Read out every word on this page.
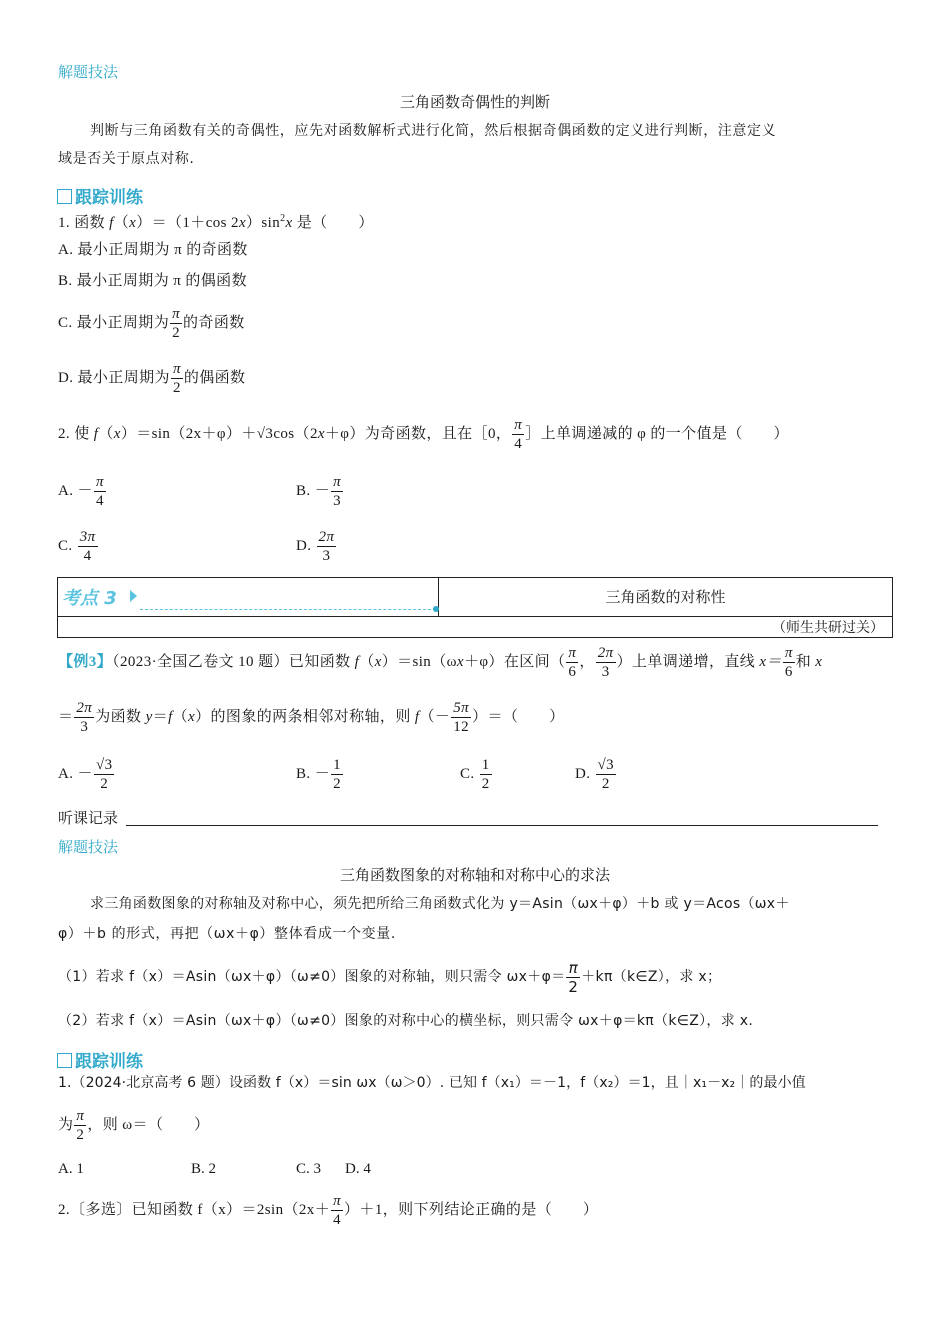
解题技法
三角函数奇偶性的判断
判断与三角函数有关的奇偶性，应先对函数解析式进行化简，然后根据奇偶函数的定义进行判断，注意定义
域是否关于原点对称.
跟踪训练
1. 函数 f（x）＝（1＋cos $2x)\sin^2x$ 是（　　）
A. 最小正周期为 π 的奇函数
B. 最小正周期为 π 的偶函数
C. 最小正周期为 $\frac{\pi}{2}$ 的奇函数
D. 最小正周期为 $\frac{\pi}{2}$ 的偶函数
2. 使 f（x）＝sin（2x＋φ）＋√3cos（2x＋φ）为奇函数，且在［0， $\frac{\pi}{4}$ ］上单调递减的 φ 的一个值是（　　）
A. － $\frac{\pi}{4}$	B. － $\frac{\pi}{3}$
C. $\frac{3\pi}{4}$	D. $\frac{2\pi}{3}$
考点 3	三角函数的对称性
（师生共研过关）
【例3】（2023·全国乙卷文 10 题）已知函数 f（x）＝sin（ωx＋φ）在区间（ $\frac{\pi}{6}$ ， $\frac{2\pi}{3}$ ）上单调递增，直线 $x= \frac{\pi}{6}$ 和 x
＝ $\frac{2\pi}{3}$ 为函数 y＝f（x）的图象的两条相邻对称轴，则 $f(- \frac{5\pi}{12}$ ）＝（　　）
A. － $\frac{√3}{2}$	B. － $\frac{1}{2}$	C. $\frac{1}{2}$	D. $\frac{√3}{2}$
听课记录
解题技法
三角函数图象的对称轴和对称中心的求法
求三角函数图象的对称轴及对称中心，须先把所给三角函数式化为 y＝Asin（ωx＋φ）＋b 或 y＝Acos（ωx＋
φ）＋b 的形式，再把（ωx＋φ）整体看成一个变量.
（1）若求 f（x）＝Asin（ωx＋φ）（ω≠0）图象的对称轴，则只需令 $\omega x+\varphi= \frac{\pi}{2}$ ＋kπ（k∈Z），求 x；
（2）若求 f（x）＝Asin（ωx＋φ）（ω≠0）图象的对称中心的横坐标，则只需令 ωx＋φ＝kπ（k∈Z），求 x.
跟踪训练
1.（2024·北京高考 6 题）设函数 f（x）＝sin ωx（ω＞0）. 已知 f（x₁）＝－1，f（x₂）＝1，且｜x₁－x₂｜的最小值
为 $\frac{\pi}{2}$ ，则 ω＝（　　）
A. 1	B. 2	C. 3 D. 4
2.〔多选〕已知函数 $f(x)=2\sin(2x+ \frac{\pi}{4} )+1$，则下列结论正确的是（　　）
